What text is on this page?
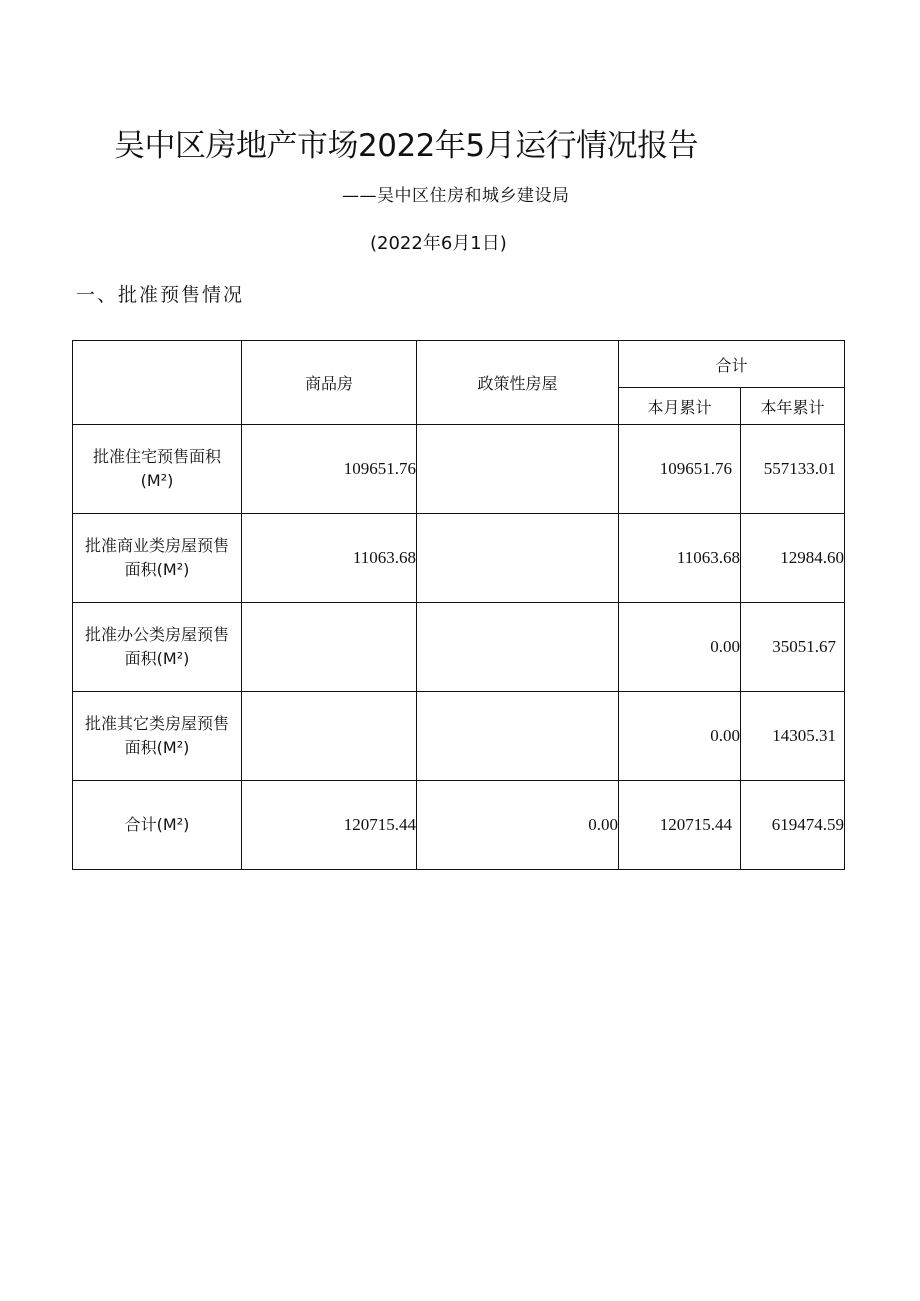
吴中区房地产市场2022年5月运行情况报告
——吴中区住房和城乡建设局
(2022年6月1日)
一、批准预售情况
	商品房	政策性房屋	合计	
			本月累计	本年累计

批准住宅预售面积
(M²)	109651.76		109651.76	557133.01

批准商业类房屋预售
面积(M²)	11063.68		11063.68	12984.60

批准办公类房屋预售
面积(M²)			0.00	35051.67

批准其它类房屋预售
面积(M²)			0.00	14305.31

合计(M²)	120715.44	0.00	120715.44	619474.59
